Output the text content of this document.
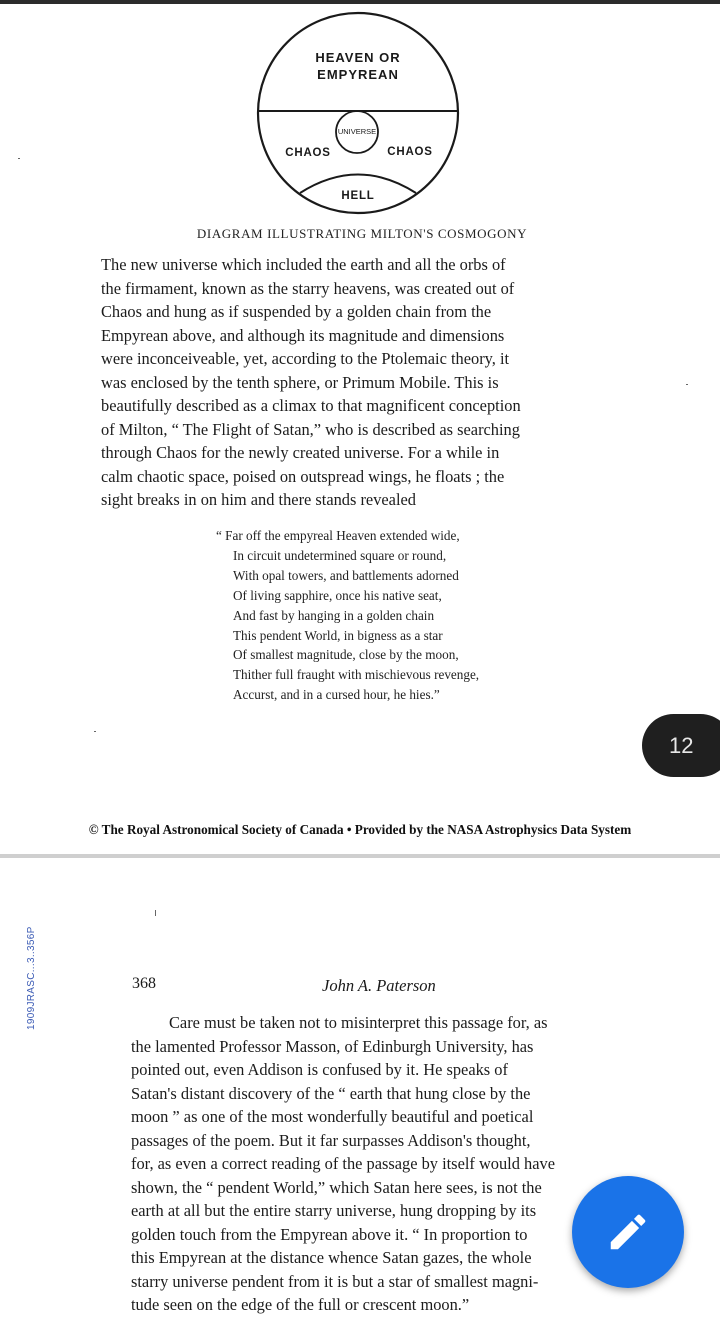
HEAVEN OR
EMPYREAN
UNIVERSE
CHAOS	CHAOS
HELL
DIAGRAM ILLUSTRATING MILTON'S COSMOGONY

The new universe which included the earth and all the orbs of
the firmament, known as the starry heavens, was created out of
Chaos and hung as if suspended by a golden chain from the
Empyrean above, and although its magnitude and dimensions
were inconceiveable, yet, according to the Ptolemaic theory, it
was enclosed by the tenth sphere, or Primum Mobile. This is
beautifully described as a climax to that magnificent conception
of Milton, “ The Flight of Satan,” who is described as searching
through Chaos for the newly created universe. For a while in
calm chaotic space, poised on outspread wings, he floats ; the
sight breaks in on him and there stands revealed

“ Far off the empyreal Heaven extended wide,
In circuit undetermined square or round,
With opal towers, and battlements adorned
Of living sapphire, once his native seat,
And fast by hanging in a golden chain
This pendent World, in bigness as a star
Of smallest magnitude, close by the moon,
Thither full fraught with mischievous revenge,
Accurst, and in a cursed hour, he hies.”
12
© The Royal Astronomical Society of Canada • Provided by the NASA Astrophysics Data System
1909JRASC...3..356P	368	John A. Paterson

Care must be taken not to misinterpret this passage for, as
the lamented Professor Masson, of Edinburgh University, has
pointed out, even Addison is confused by it. He speaks of
Satan's distant discovery of the “ earth that hung close by the
moon ” as one of the most wonderfully beautiful and poetical
passages of the poem. But it far surpasses Addison's thought,
for, as even a correct reading of the passage by itself would have
shown, the “ pendent World,” which Satan here sees, is not the
earth at all but the entire starry universe, hung dropping by its
golden touch from the Empyrean above it. “ In proportion to
this Empyrean at the distance whence Satan gazes, the whole
starry universe pendent from it is but a star of smallest magni-
tude seen on the edge of the full or crescent moon.”
